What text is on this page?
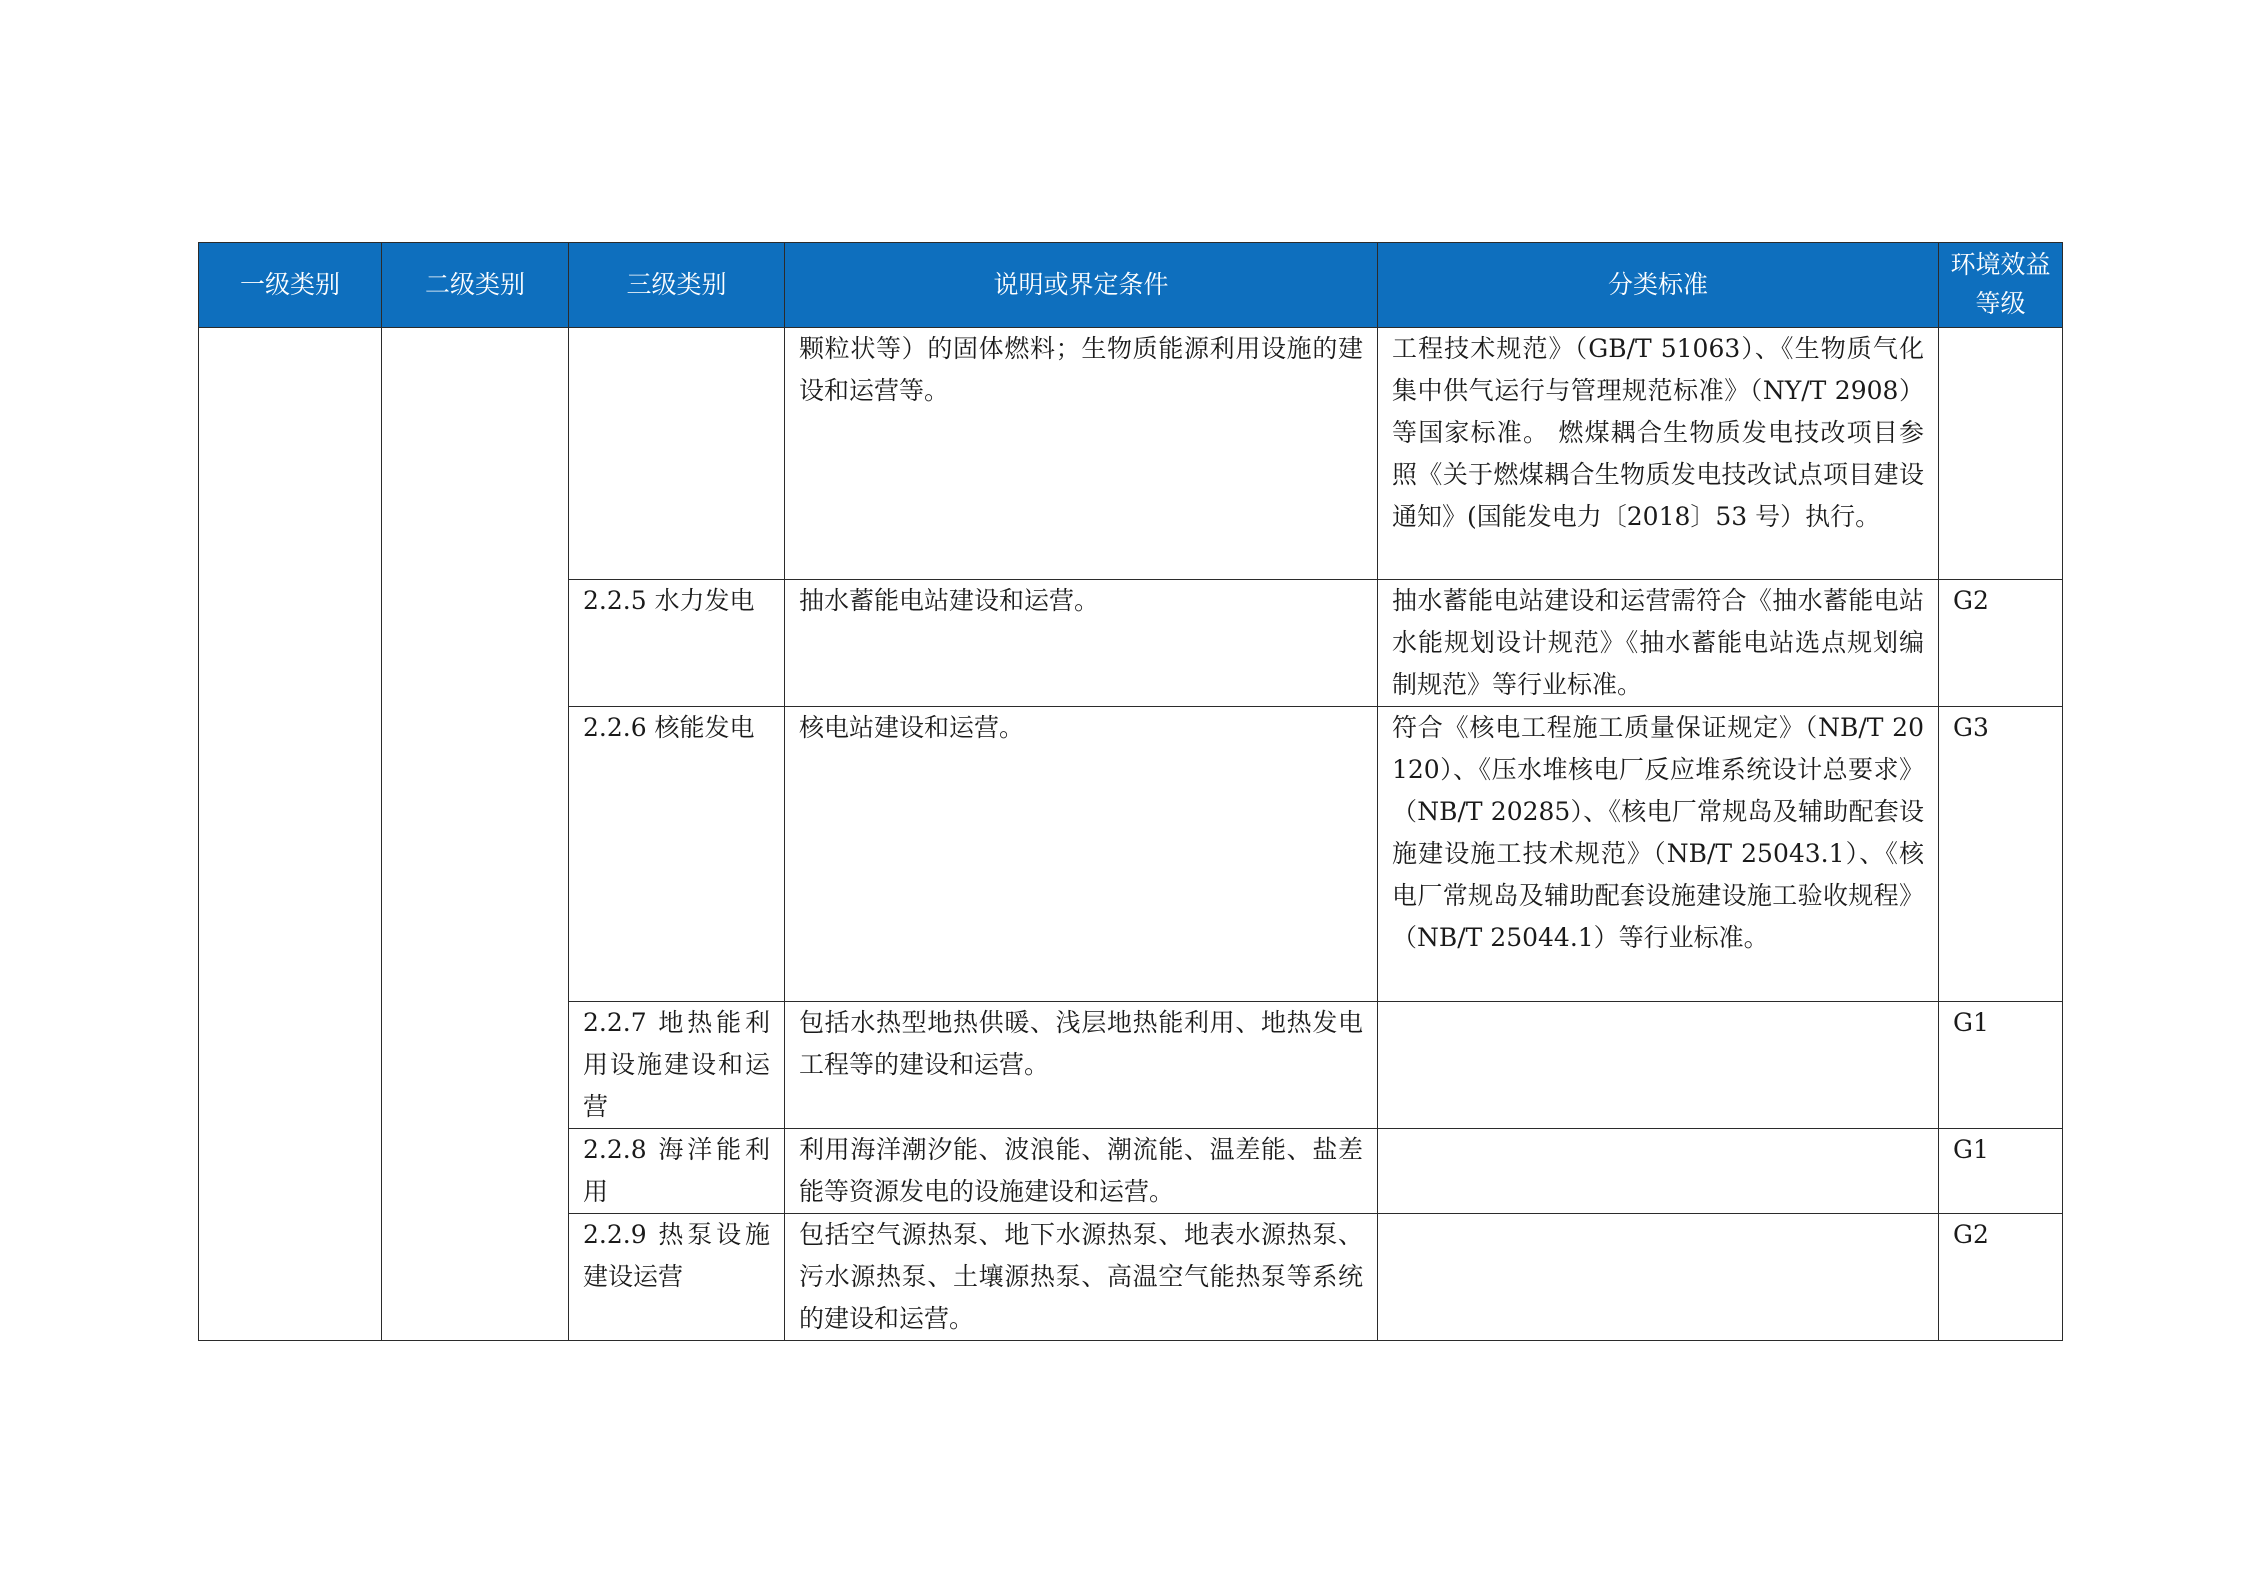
一级类别	二级类别	三级类别	说明或界定条件	分类标准	环境效益等级
			颗粒状等）的固体燃料；生物质能源利用设施的建设和运营等。	工程技术规范》（GB/T 51063）、《生物质气化集中供气运行与管理规范标准》（NY/T 2908）等国家标准。 燃煤耦合生物质发电技改项目参照《关于燃煤耦合生物质发电技改试点项目建设通知》(国能发电力〔2018〕53 号）执行。	
		2.2.5 水力发电	抽水蓄能电站建设和运营。	抽水蓄能电站建设和运营需符合《抽水蓄能电站水能规划设计规范》《抽水蓄能电站选点规划编制规范》等行业标准。	G2
		2.2.6 核能发电	核电站建设和运营。	符合《核电工程施工质量保证规定》（NB/T 20120）、《压水堆核电厂反应堆系统设计总要求》（NB/T 20285）、《核电厂常规岛及辅助配套设施建设施工技术规范》（NB/T 25043.1）、《核电厂常规岛及辅助配套设施建设施工验收规程》（NB/T 25044.1）等行业标准。	G3
		2.2.7 地热能利用设施建设和运营	包括水热型地热供暖、浅层地热能利用、地热发电工程等的建设和运营。		G1
		2.2.8 海洋能利用	利用海洋潮汐能、波浪能、潮流能、温差能、盐差能等资源发电的设施建设和运营。		G1
		2.2.9 热泵设施建设运营	包括空气源热泵、地下水源热泵、地表水源热泵、污水源热泵、土壤源热泵、高温空气能热泵等系统的建设和运营。		G2
